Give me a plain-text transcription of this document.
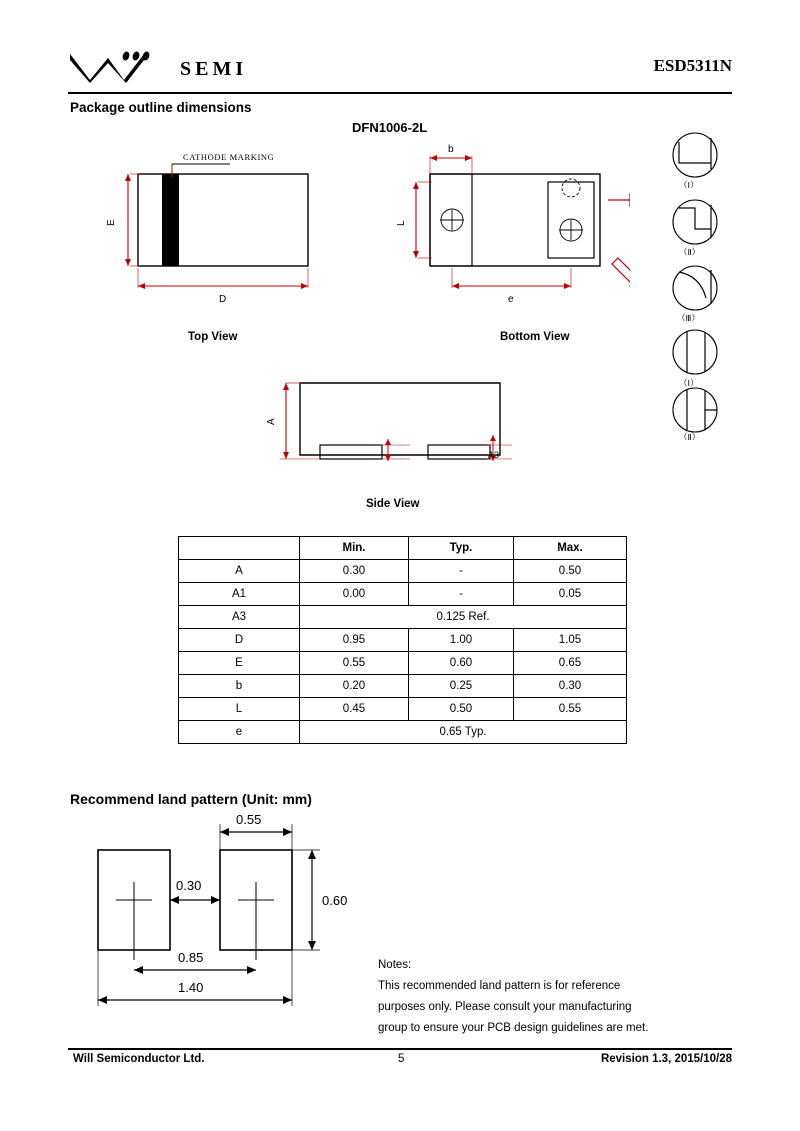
SEMI	ESD5311N
Package outline dimensions
DFN1006-2L
CATHODE MARKING
E
D
Top View
b
L
e
Bottom View
（Ⅰ）
（Ⅱ）
（Ⅲ）
（Ⅰ）
（Ⅱ）
A
A3
Side View
	Min.	Typ.	Max.
A	0.30	-	0.50
A1	0.00	-	0.05
A3	0.125 Ref.		
D	0.95	1.00	1.05
E	0.55	0.60	0.65
b	0.20	0.25	0.30
L	0.45	0.50	0.55
e	0.65 Typ.		
Recommend land pattern (Unit: mm)
0.55
0.30
0.60
0.85
1.40
Notes:
This recommended land pattern is for reference
purposes only. Please consult your manufacturing
group to ensure your PCB design guidelines are met.
Will Semiconductor Ltd.	5	Revision 1.3, 2015/10/28
